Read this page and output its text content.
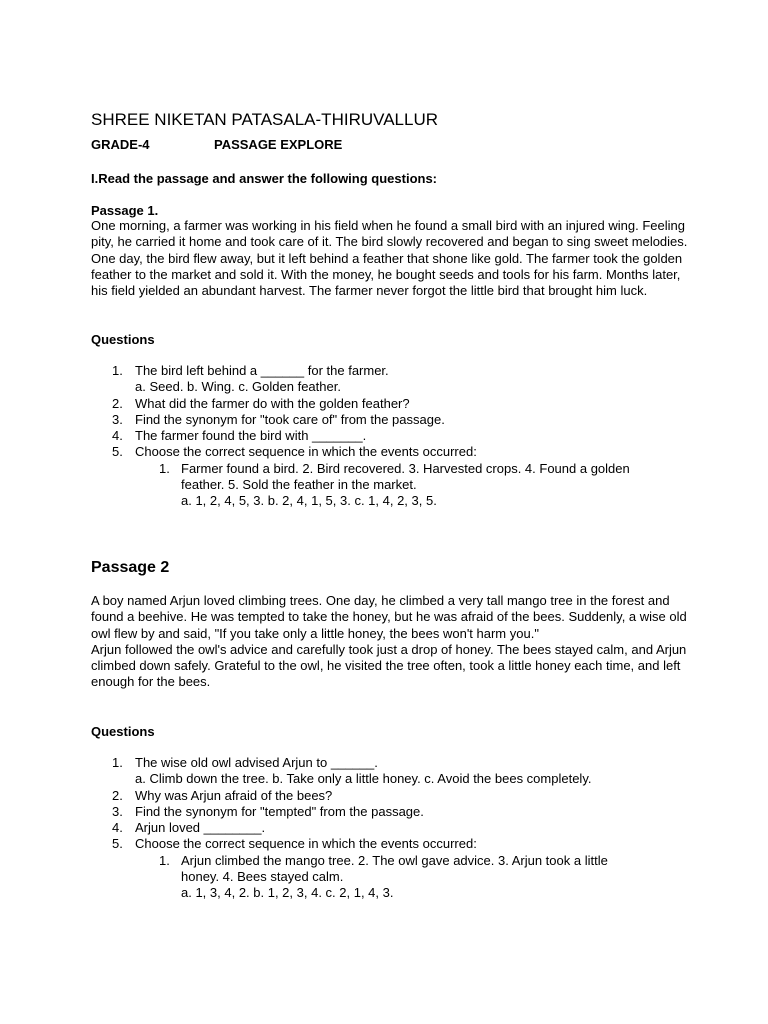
SHREE NIKETAN PATASALA-THIRUVALLUR
GRADE-4	PASSAGE EXPLORE
I.Read the passage and answer the following questions:
Passage 1.
One morning, a farmer was working in his field when he found a small bird with an injured wing. Feeling pity, he carried it home and took care of it. The bird slowly recovered and began to sing sweet melodies. One day, the bird flew away, but it left behind a feather that shone like gold. The farmer took the golden feather to the market and sold it. With the money, he bought seeds and tools for his farm. Months later, his field yielded an abundant harvest. The farmer never forgot the little bird that brought him luck.
Questions
1. The bird left behind a ______ for the farmer.
a. Seed. b. Wing. c. Golden feather.
2. What did the farmer do with the golden feather?
3. Find the synonym for "took care of" from the passage.
4. The farmer found the bird with _______.
5. Choose the correct sequence in which the events occurred:
1. Farmer found a bird. 2. Bird recovered. 3. Harvested crops. 4. Found a golden feather. 5. Sold the feather in the market.
a. 1, 2, 4, 5, 3. b. 2, 4, 1, 5, 3. c. 1, 4, 2, 3, 5.
Passage 2
A boy named Arjun loved climbing trees. One day, he climbed a very tall mango tree in the forest and found a beehive. He was tempted to take the honey, but he was afraid of the bees. Suddenly, a wise old owl flew by and said, "If you take only a little honey, the bees won't harm you."
Arjun followed the owl's advice and carefully took just a drop of honey. The bees stayed calm, and Arjun climbed down safely. Grateful to the owl, he visited the tree often, took a little honey each time, and left enough for the bees.
Questions
1. The wise old owl advised Arjun to ______.
a. Climb down the tree. b. Take only a little honey. c. Avoid the bees completely.
2. Why was Arjun afraid of the bees?
3. Find the synonym for "tempted" from the passage.
4. Arjun loved ________.
5. Choose the correct sequence in which the events occurred:
1. Arjun climbed the mango tree. 2. The owl gave advice. 3. Arjun took a little honey. 4. Bees stayed calm.
a. 1, 3, 4, 2. b. 1, 2, 3, 4. c. 2, 1, 4, 3.
